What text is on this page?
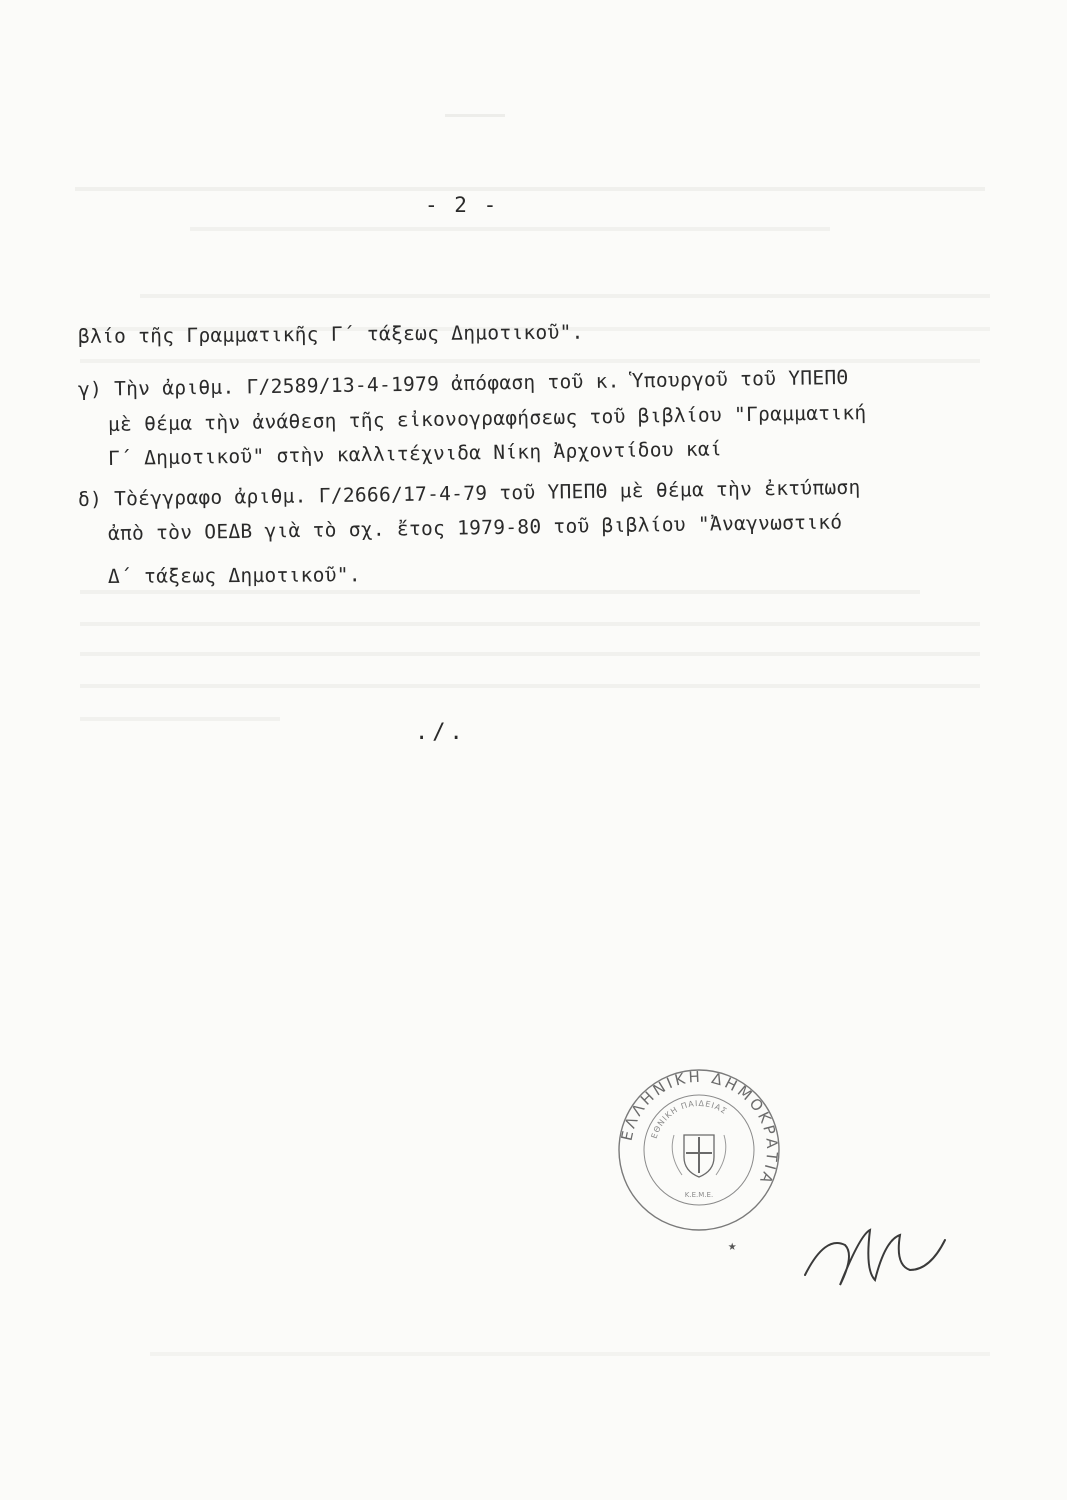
- 2 -
βλίο τῆς Γραμματικῆς Γ΄ τάξεως Δημοτικοῦ".
γ) Τὴν ἀριθμ. Γ/2589/13-4-1979 ἀπόφαση τοῦ κ. Ὑπουργοῦ τοῦ ΥΠΕΠΘ
μὲ θέμα τὴν ἀνάθεση τῆς εἰκονογραφήσεως τοῦ βιβλίου "Γραμματική
Γ΄ Δημοτικοῦ" στὴν καλλιτέχνιδα Νίκη Ἀρχοντίδου καί
δ) Τὸέγγραφο ἀριθμ. Γ/2666/17-4-79 τοῦ ΥΠΕΠΘ μὲ θέμα τὴν ἐκτύπωση
ἀπὸ τὸν ΟΕΔΒ γιὰ τὸ σχ. ἔτος 1979-80 τοῦ βιβλίου "Ἀναγνωστικό
Δ΄ τάξεως Δημοτικοῦ".
./.
ΕΛΛΗΝΙΚΗ ΔΗΜΟΚΡΑΤΙΑ
ΕΘΝΙΚΗ ΠΑΙΔΕΙΑΣ
Κ.Ε.Μ.Ε.
★
